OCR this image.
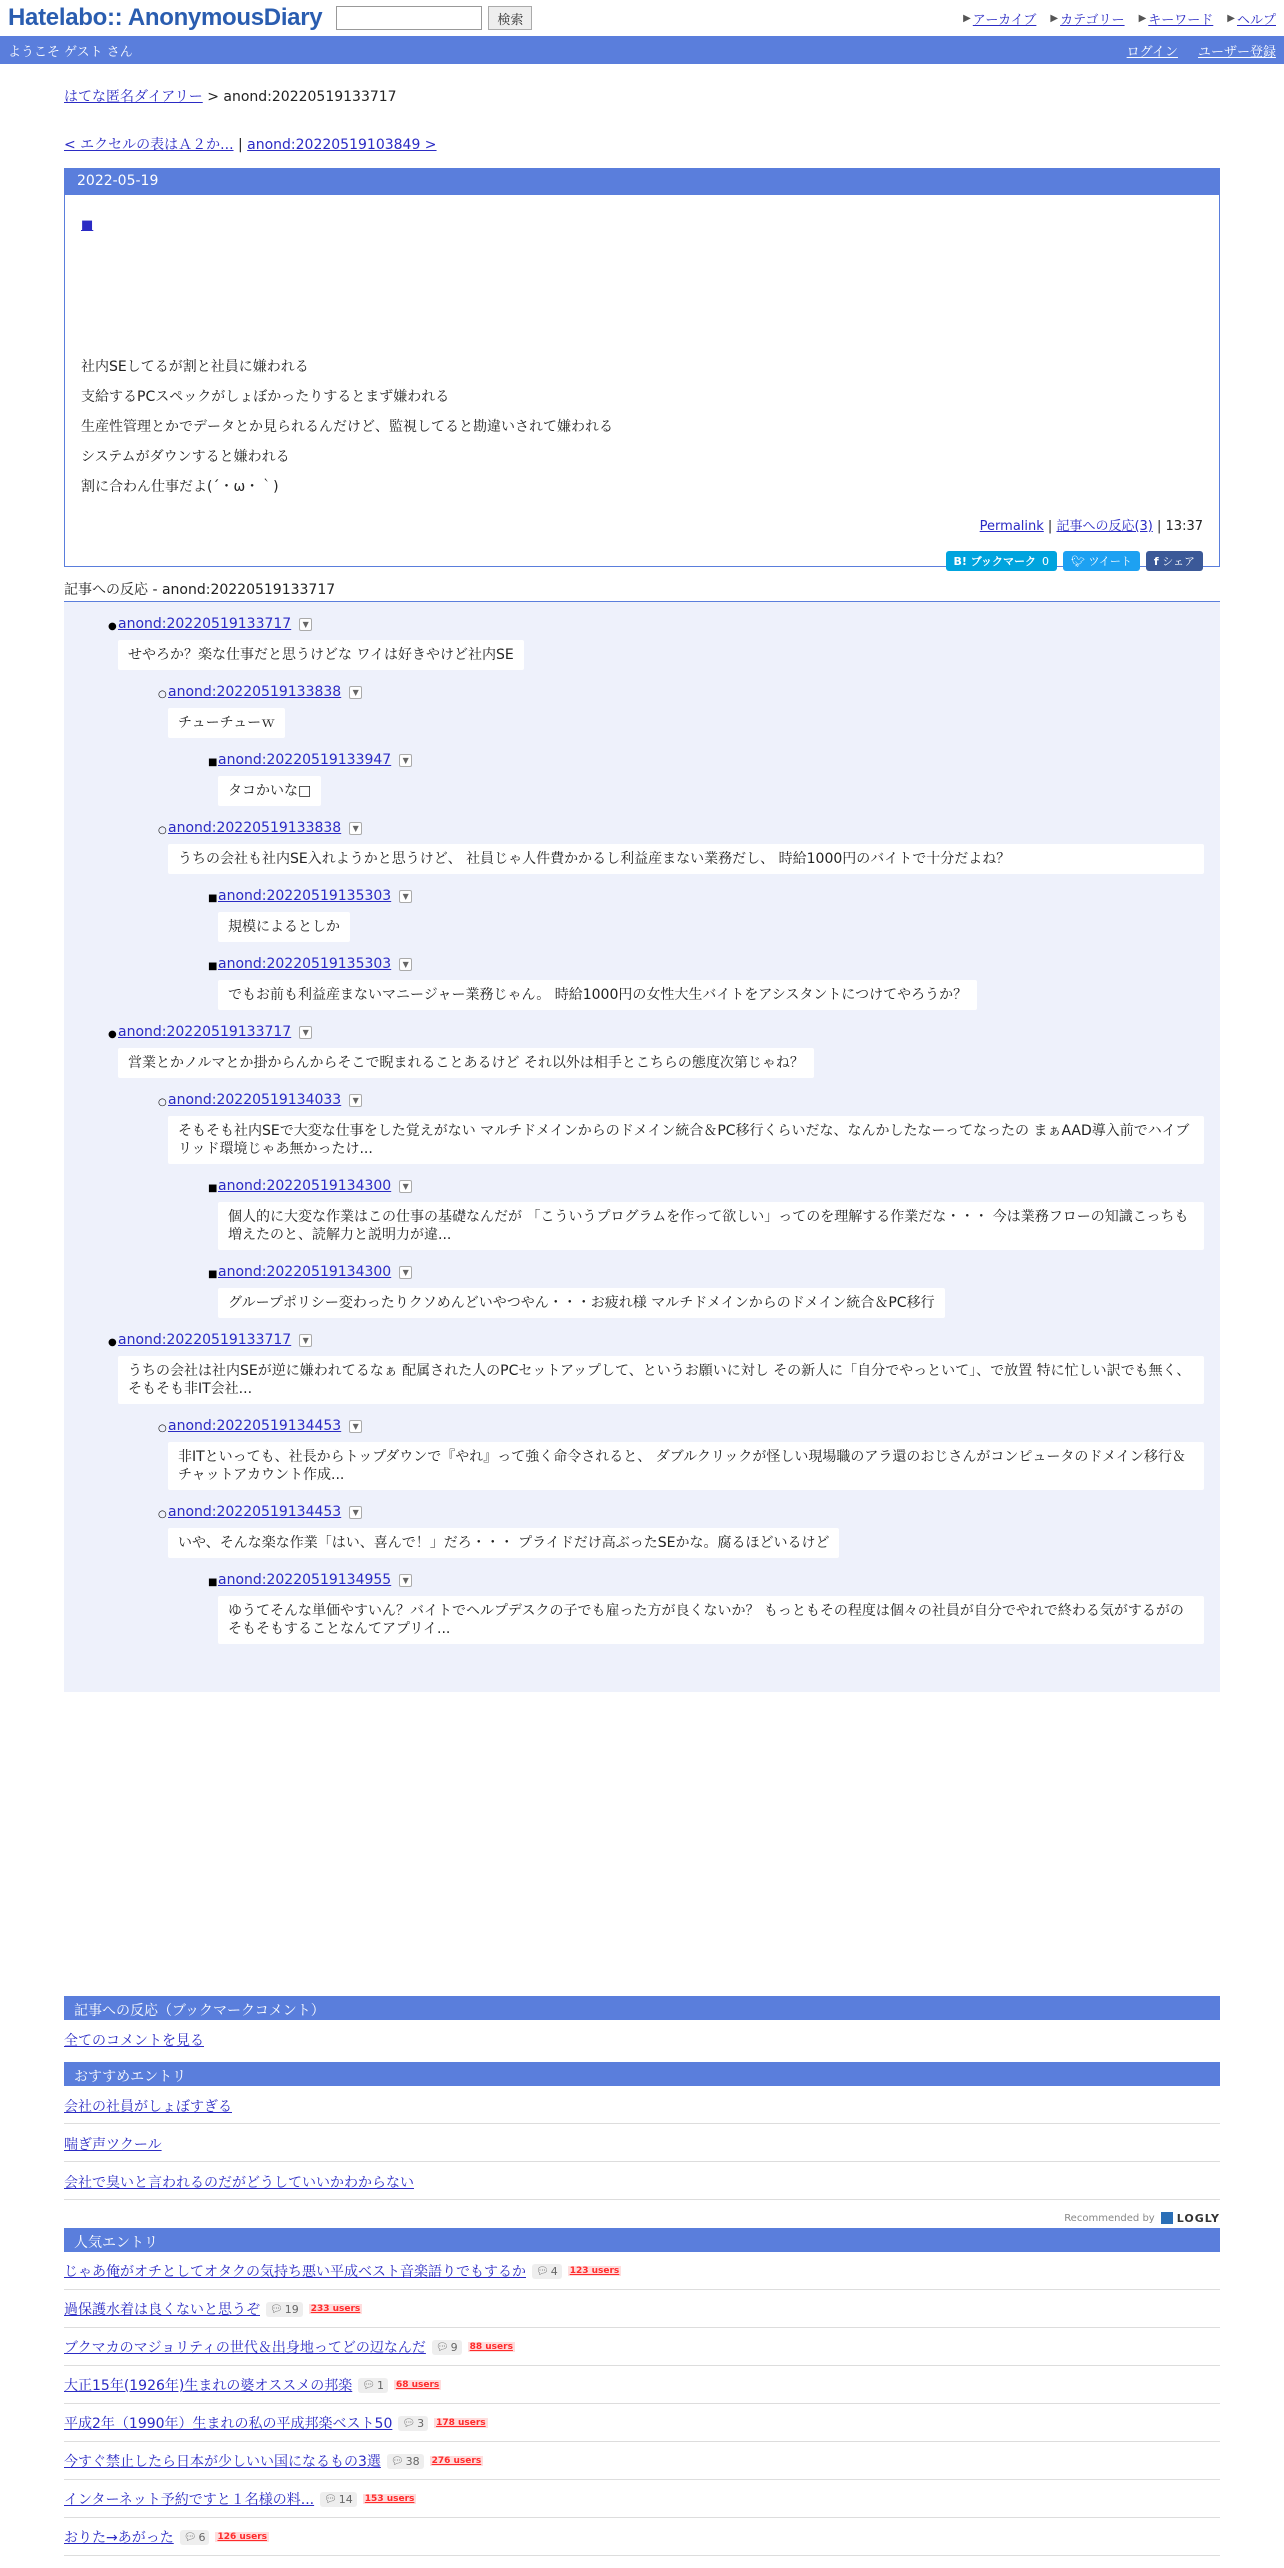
Hatelabo:: AnonymousDiary	検索	▶ アーカイブ ▶ カテゴリー ▶ キーワード ▶ ヘルプ
ようこそ ゲスト さん	ログイン ユーザー登録
はてな匿名ダイアリー > anond:20220519133717
< エクセルの表はＡ２か... | anond:20220519103849 >
2022-05-19
■

社内SEしてるが割と社員に嫌われる

支給するPCスペックがしょぼかったりするとまず嫌われる

生産性管理とかでデータとか見られるんだけど、監視してると勘違いされて嫌われる

システムがダウンすると嫌われる

割に合わん仕事だよ(´・ω・｀)

Permalink | 記事への反応(3) | 13:37
B! ブックマーク 0 🐦︎
ツイート f
シェア
記事への反応 - anond:20220519133717
● anond:20220519133717	▼
せやろか？楽な仕事だと思うけどな ワイは好きやけど社内SE
○ anond:20220519133838	▼
チューチューｗ
■ anond:20220519133947	▼
タコかいな□
○ anond:20220519133838	▼
うちの会社も社内SE入れようかと思うけど、 社員じゃ人件費かかるし利益産まない業務だし、 時給1000円のバイトで十分だよね？
■ anond:20220519135303	▼
規模によるとしか
■ anond:20220519135303	▼
でもお前も利益産まないマニージャー業務じゃん。 時給1000円の女性大生バイトをアシスタントにつけてやろうか？
● anond:20220519133717	▼
営業とかノルマとか掛からんからそこで睨まれることあるけど それ以外は相手とこちらの態度次第じゃね？
○ anond:20220519134033	▼
そもそも社内SEで大変な仕事をした覚えがない マルチドメインからのドメイン統合＆PC移行くらいだな、なんかしたなーってなったの まぁAAD導入前でハイブリッド環境じゃあ無かったけ...
■ anond:20220519134300	▼
個人的に大変な作業はこの仕事の基礎なんだが 「こういうプログラムを作って欲しい」ってのを理解する作業だな・・・ 今は業務フローの知識こっちも増えたのと、読解力と説明力が違...
■ anond:20220519134300	▼
グループポリシー変わったりクソめんどいやつやん・・・お疲れ様 マルチドメインからのドメイン統合＆PC移行
● anond:20220519133717	▼
うちの会社は社内SEが逆に嫌われてるなぁ 配属された人のPCセットアップして、というお願いに対し その新人に「自分でやっといて」、で放置 特に忙しい訳でも無く、そもそも非IT会社...
○ anond:20220519134453	▼
非ITといっても、社長からトップダウンで『やれ』って強く命令されると、 ダブルクリックが怪しい現場職のアラ還のおじさんがコンピュータのドメイン移行＆チャットアカウント作成...
○ anond:20220519134453	▼
いや、そんな楽な作業「はい、喜んで！」だろ・・・ プライドだけ高ぶったSEかな。腐るほどいるけど
■ anond:20220519134955	▼
ゆうてそんな単価やすいん？バイトでヘルプデスクの子でも雇った方が良くないか？ もっともその程度は個々の社員が自分でやれで終わる気がするがの そもそもすることなんてアプリイ...
記事への反応（ブックマークコメント）
全てのコメントを見る
おすすめエントリ
会社の社員がしょぼすぎる
喘ぎ声ツクール
会社で臭いと言われるのだがどうしていいかわからない
Recommended by LOGLY
人気エントリ
じゃあ俺がオチとしてオタクの気持ち悪い平成ベスト音楽語りでもするか 💬︎ 4 123 users
過保護水着は良くないと思うぞ 💬︎ 19 233 users
ブクマカのマジョリティの世代＆出身地ってどの辺なんだ 💬︎ 9 88 users
大正15年(1926年)生まれの婆オススメの邦楽 💬︎ 1 68 users
平成2年（1990年）生まれの私の平成邦楽ベスト50 💬︎ 3 178 users
今すぐ禁止したら日本が少しいい国になるもの3選 💬︎ 38 276 users
インターネット予約ですと１名様の料... 💬︎ 14 153 users
おりた→あがった 💬︎ 6 126 users
